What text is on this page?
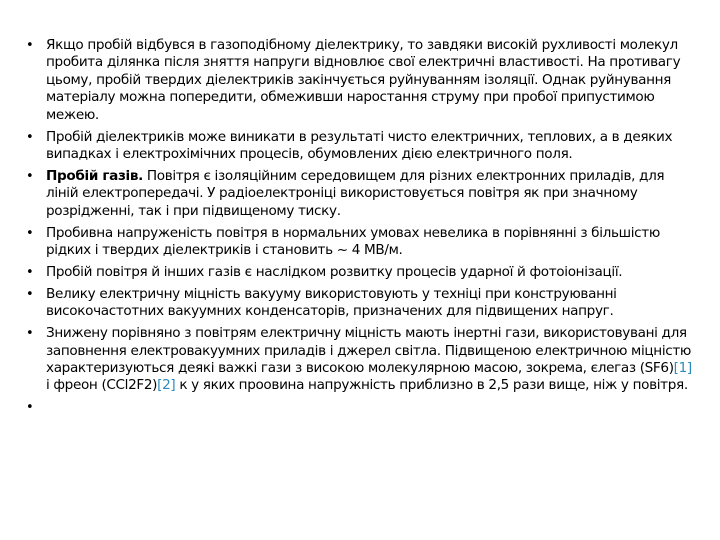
• Якщо пробій відбувся в газоподібному діелектрику, то завдяки високій рухливості молекул пробита ділянка після зняття напруги відновлює свої електричні властивості. На противагу цьому, пробій твердих діелектриків закінчується руйнуванням ізоляції. Однак руйнування матеріалу можна попередити, обмеживши наростання струму при пробої припустимою межею.
• Пробій діелектриків може виникати в результаті чисто електричних, теплових, а в деяких випадках і електрохімічних процесів, обумовлених дією електричного поля.
• Пробій газів. Повітря є ізоляційним середовищем для різних електронних приладів, для ліній електропередачі. У радіоелектроніці використовується повітря як при значному розрідженні, так і при підвищеному тиску.
• Пробивна напруженість повітря в нормальних умовах невелика в порівнянні з більшістю рідких і твердих діелектриків і становить ~ 4 МВ/м.
• Пробій повітря й інших газів є наслідком розвитку процесів ударної й фотоіонізації.
• Велику електричну міцність вакууму використовують у техніці при конструюванні високочастотних вакуумних конденсаторів, призначених для підвищених напруг.
• Знижену порівняно з повітрям електричну міцність мають інертні гази, використовувані для заповнення електровакуумних приладів і джерел світла. Підвищеною електричною міцністю характеризуються деякі важкі гази з високою молекулярною масою, зокрема, єлегаз (SF6)[1] і фреон (CCl2F2)[2] к у яких проовина напружність приблизно в 2,5 рази вище, ніж у повітря.
•
